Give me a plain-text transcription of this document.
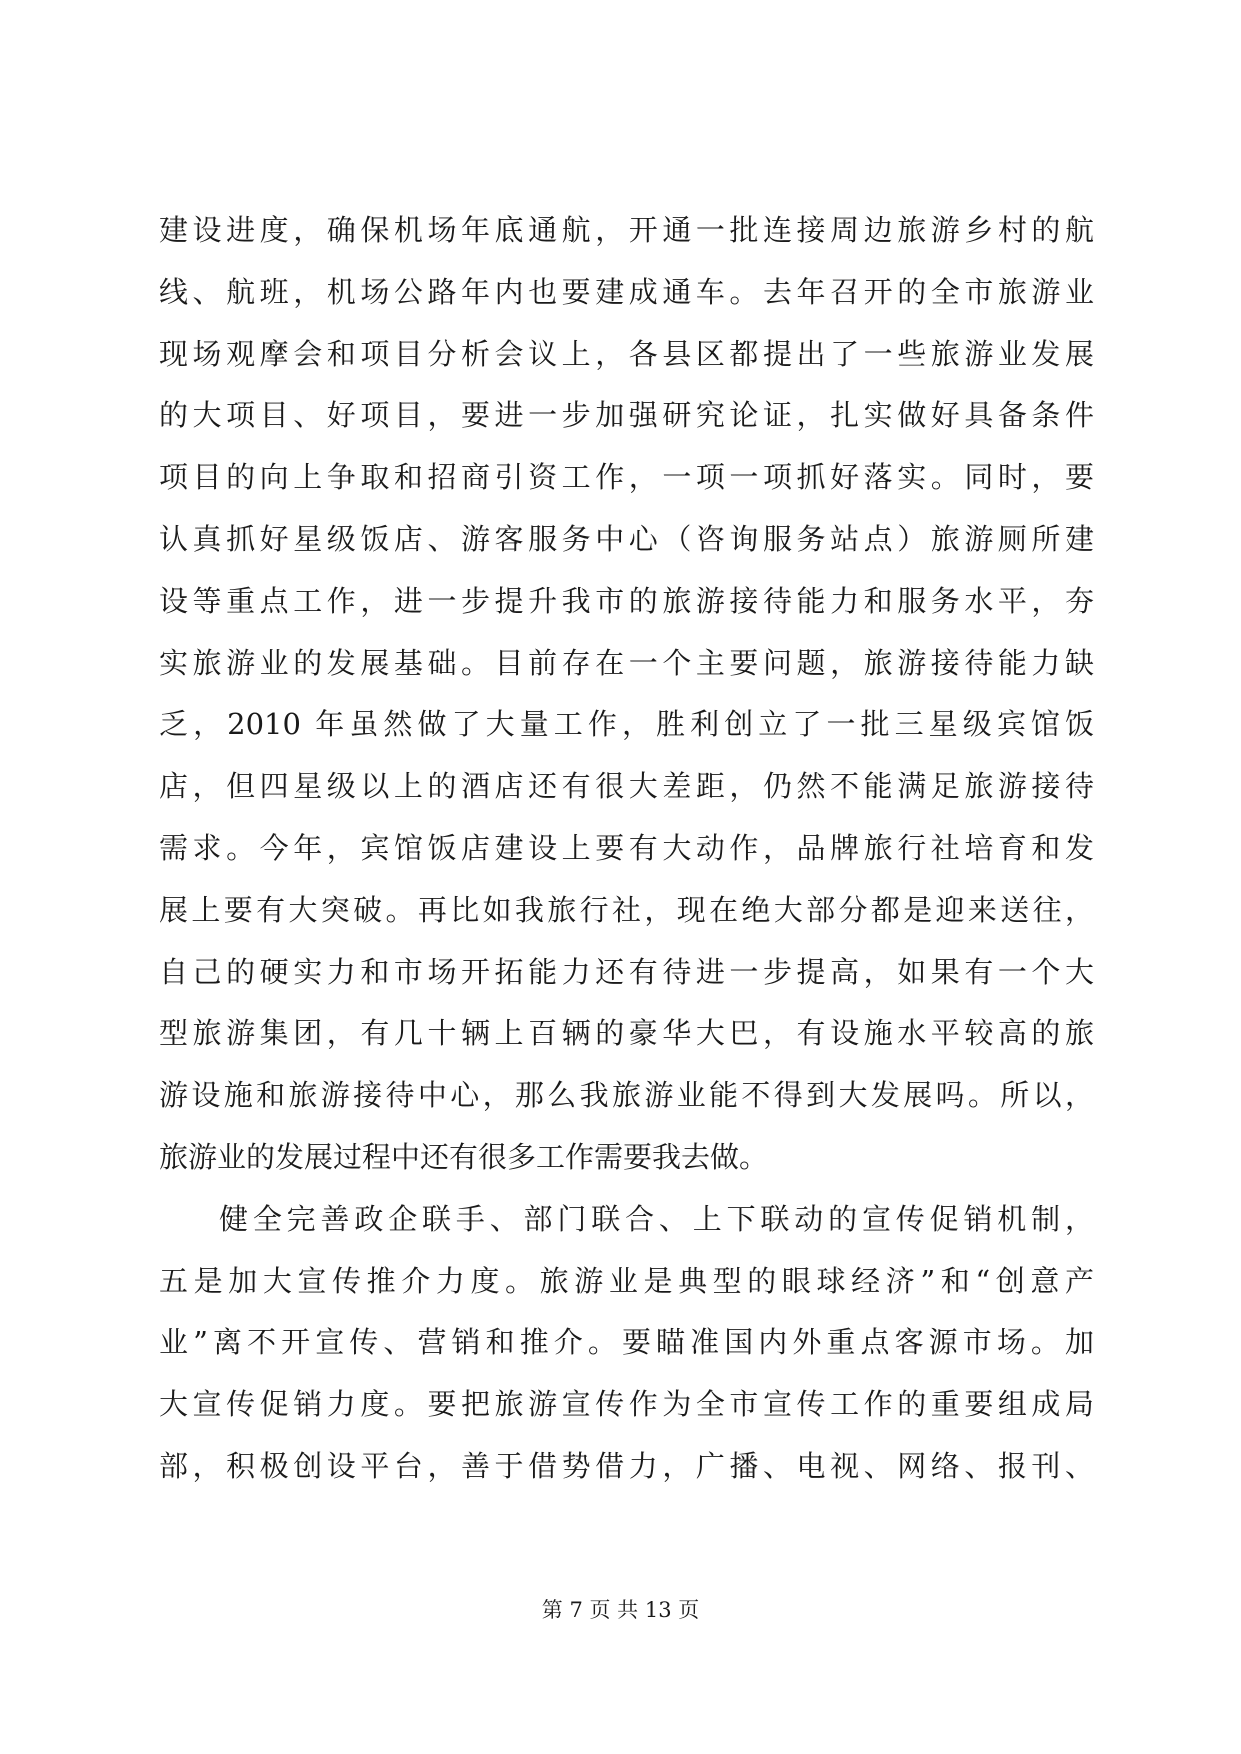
建设进度，确保机场年底通航，开通一批连接周边旅游乡村的航
线、航班，机场公路年内也要建成通车。去年召开的全市旅游业
现场观摩会和项目分析会议上，各县区都提出了一些旅游业发展
的大项目、好项目，要进一步加强研究论证，扎实做好具备条件
项目的向上争取和招商引资工作，一项一项抓好落实。同时，要
认真抓好星级饭店、游客服务中心（咨询服务站点）旅游厕所建
设等重点工作，进一步提升我市的旅游接待能力和服务水平，夯
实旅游业的发展基础。目前存在一个主要问题，旅游接待能力缺
乏，2010 年虽然做了大量工作，胜利创立了一批三星级宾馆饭
店，但四星级以上的酒店还有很大差距，仍然不能满足旅游接待
需求。今年，宾馆饭店建设上要有大动作，品牌旅行社培育和发
展上要有大突破。再比如我旅行社，现在绝大部分都是迎来送往，
自己的硬实力和市场开拓能力还有待进一步提高，如果有一个大
型旅游集团，有几十辆上百辆的豪华大巴，有设施水平较高的旅
游设施和旅游接待中心，那么我旅游业能不得到大发展吗。所以，
旅游业的发展过程中还有很多工作需要我去做。
健全完善政企联手、部门联合、上下联动的宣传促销机制，
五是加大宣传推介力度。旅游业是典型的眼球经济”和“创意产
业”离不开宣传、营销和推介。要瞄准国内外重点客源市场。加
大宣传促销力度。要把旅游宣传作为全市宣传工作的重要组成局
部，积极创设平台，善于借势借力，广播、电视、网络、报刊、
第 7 页 共 13 页
